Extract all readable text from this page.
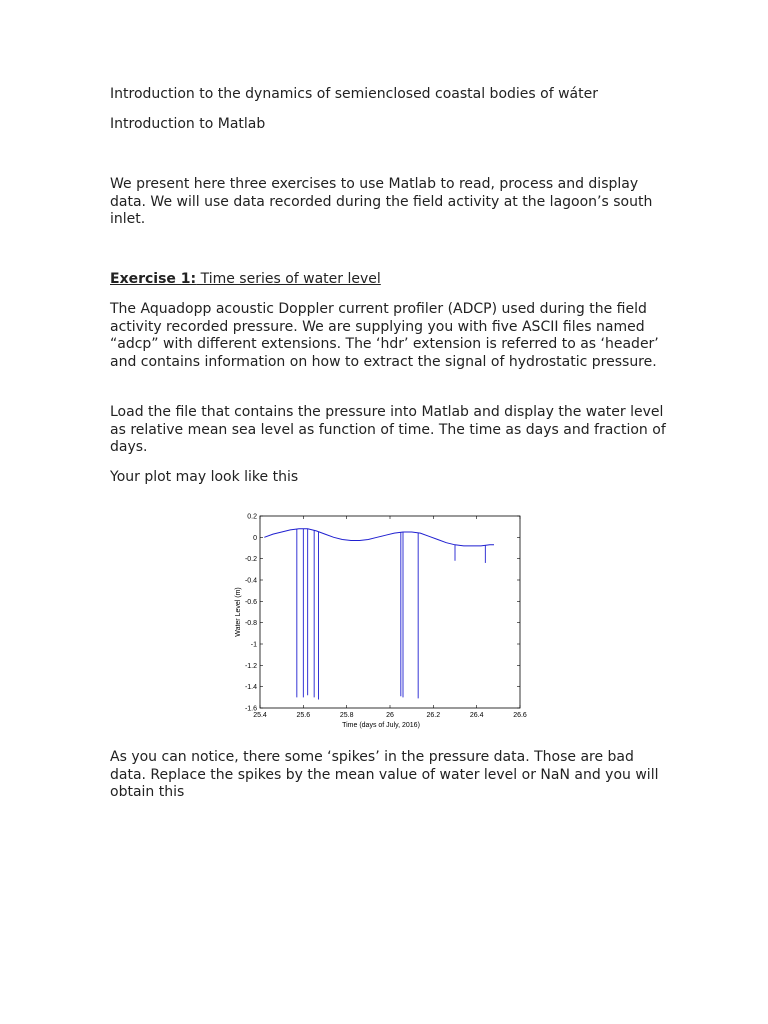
Introduction to the dynamics of semienclosed coastal bodies of wáter

Introduction to Matlab

We present here three exercises to use Matlab to read, process and display data. We will use data recorded during the field activity at the lagoon’s south inlet.

Exercise 1: Time series of water level

The Aquadopp acoustic Doppler current profiler (ADCP) used during the field activity recorded pressure. We are supplying you with five ASCII files named “adcp” with different extensions. The ‘hdr’ extension is referred to as ‘header’ and contains information on how to extract the signal of hydrostatic pressure.

Load the file that contains the pressure into Matlab and display the water level as relative mean sea level as function of time. The time as days and fraction of days.

Your plot may look like this

0.2
0
-0.2
-0.4
-0.6
-0.8
-1
-1.2
-1.4
-1.6
25.4	25.6	25.8	26	26.2	26.4	26.6
Time (days of July, 2016)
Water Level (m)

As you can notice, there some ‘spikes’ in the pressure data. Those are bad data. Replace the spikes by the mean value of water level or NaN and you will obtain this
